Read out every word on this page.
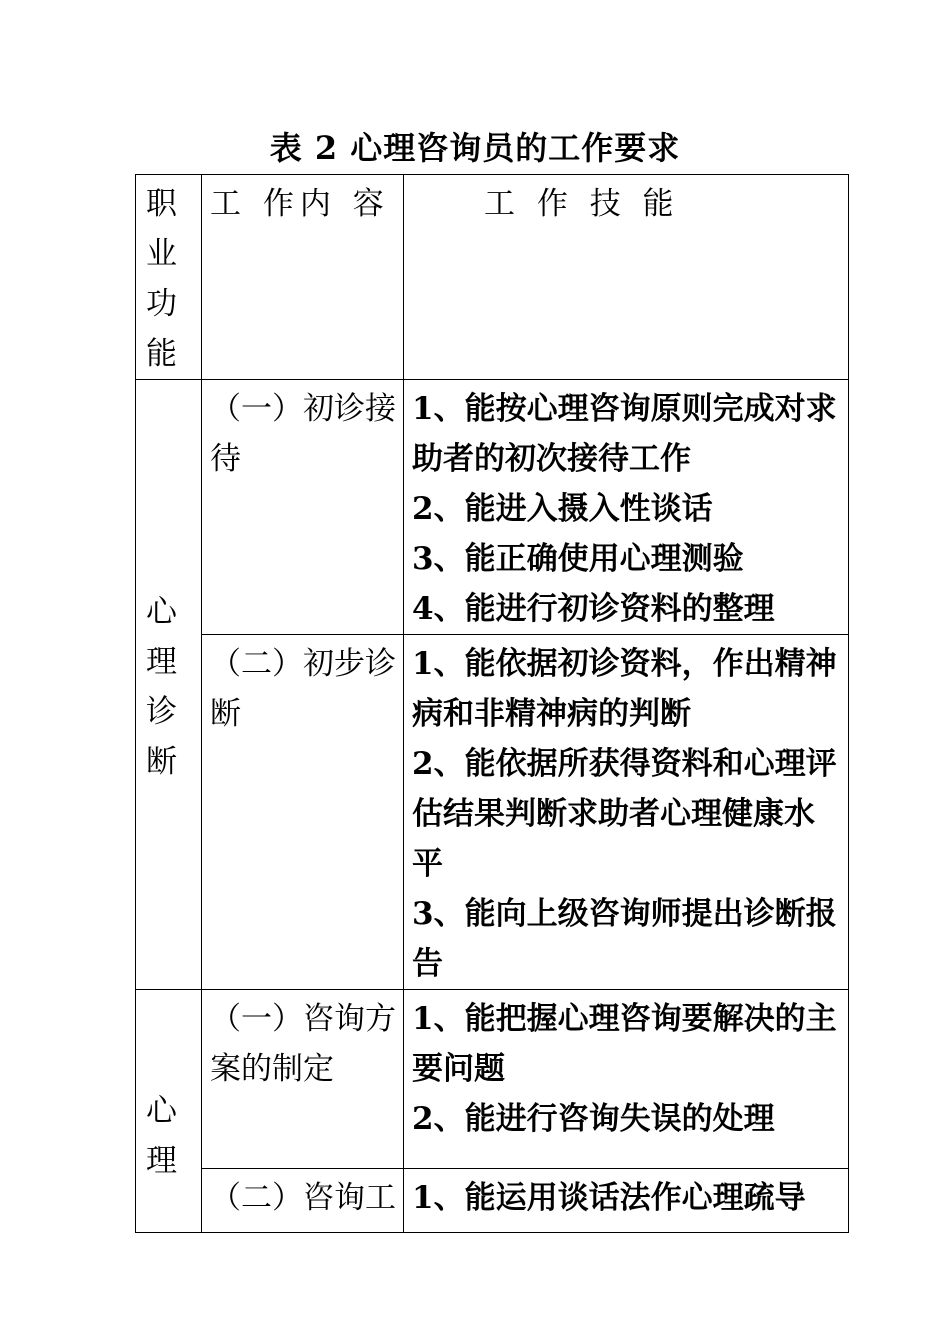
表 2 心理咨询员的工作要求
职
业
功
能	工 作内 容	工 作 技 能

心
理
诊
断	（一）初诊接待	1、能按心理咨询原则完成对求助者的初次接待工作
2、能进入摄入性谈话
3、能正确使用心理测验
4、能进行初诊资料的整理

	（二）初步诊断	1、能依据初诊资料，作出精神病和非精神病的判断
2、能依据所获得资料和心理评估结果判断求助者心理健康水平
3、能向上级咨询师提出诊断报告

心
理	（一）咨询方案的制定	1、能把握心理咨询要解决的主要问题
2、能进行咨询失误的处理

	（二）咨询工	1、能运用谈话法作心理疏导
